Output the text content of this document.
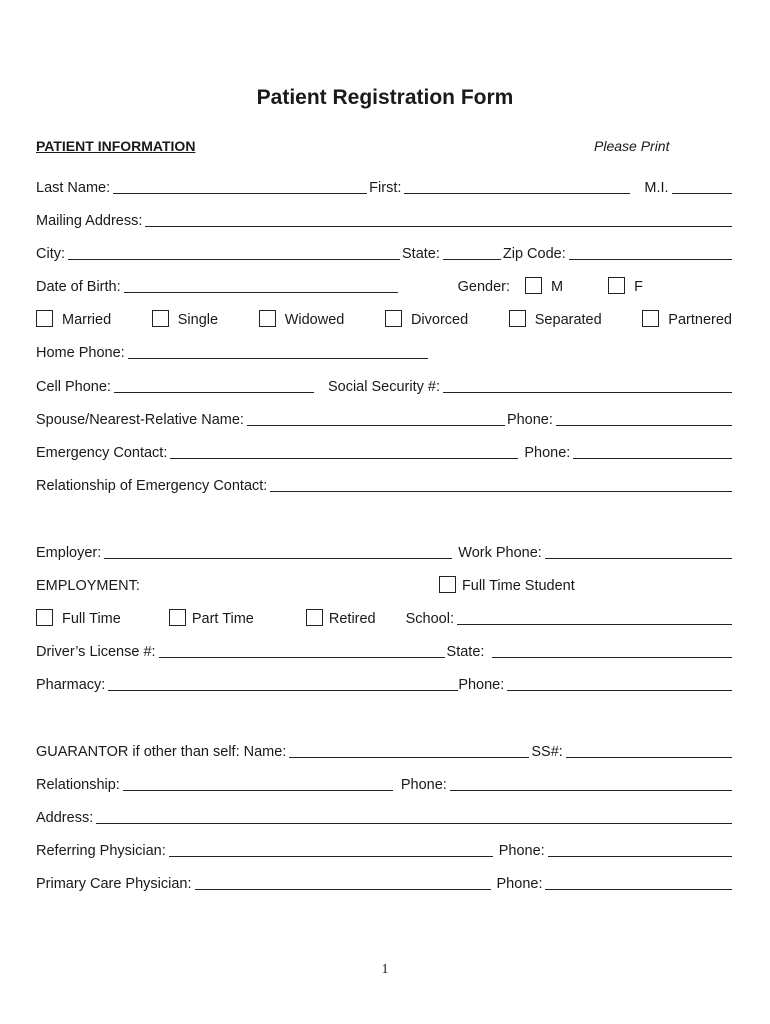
Patient Registration Form
PATIENT INFORMATION	Please Print
Last Name:	First:	M.I.
Mailing Address:
City:	State:	Zip Code:
Date of Birth:	Gender:	M	F
Married	Single	Widowed	Divorced	Separated	Partnered
Home Phone:
Cell Phone:	Social Security #:
Spouse/Nearest-Relative Name:	Phone:
Emergency Contact:	Phone:
Relationship of Emergency Contact:
Employer:	Work Phone:
EMPLOYMENT:	Full Time Student
Full Time	Part Time	Retired School:
Driver’s License #:	State:
Pharmacy:	Phone:
GUARANTOR if other than self: Name:	SS#:
Relationship:	Phone:
Address:
Referring Physician:	Phone:
Primary Care Physician:	Phone:
1
